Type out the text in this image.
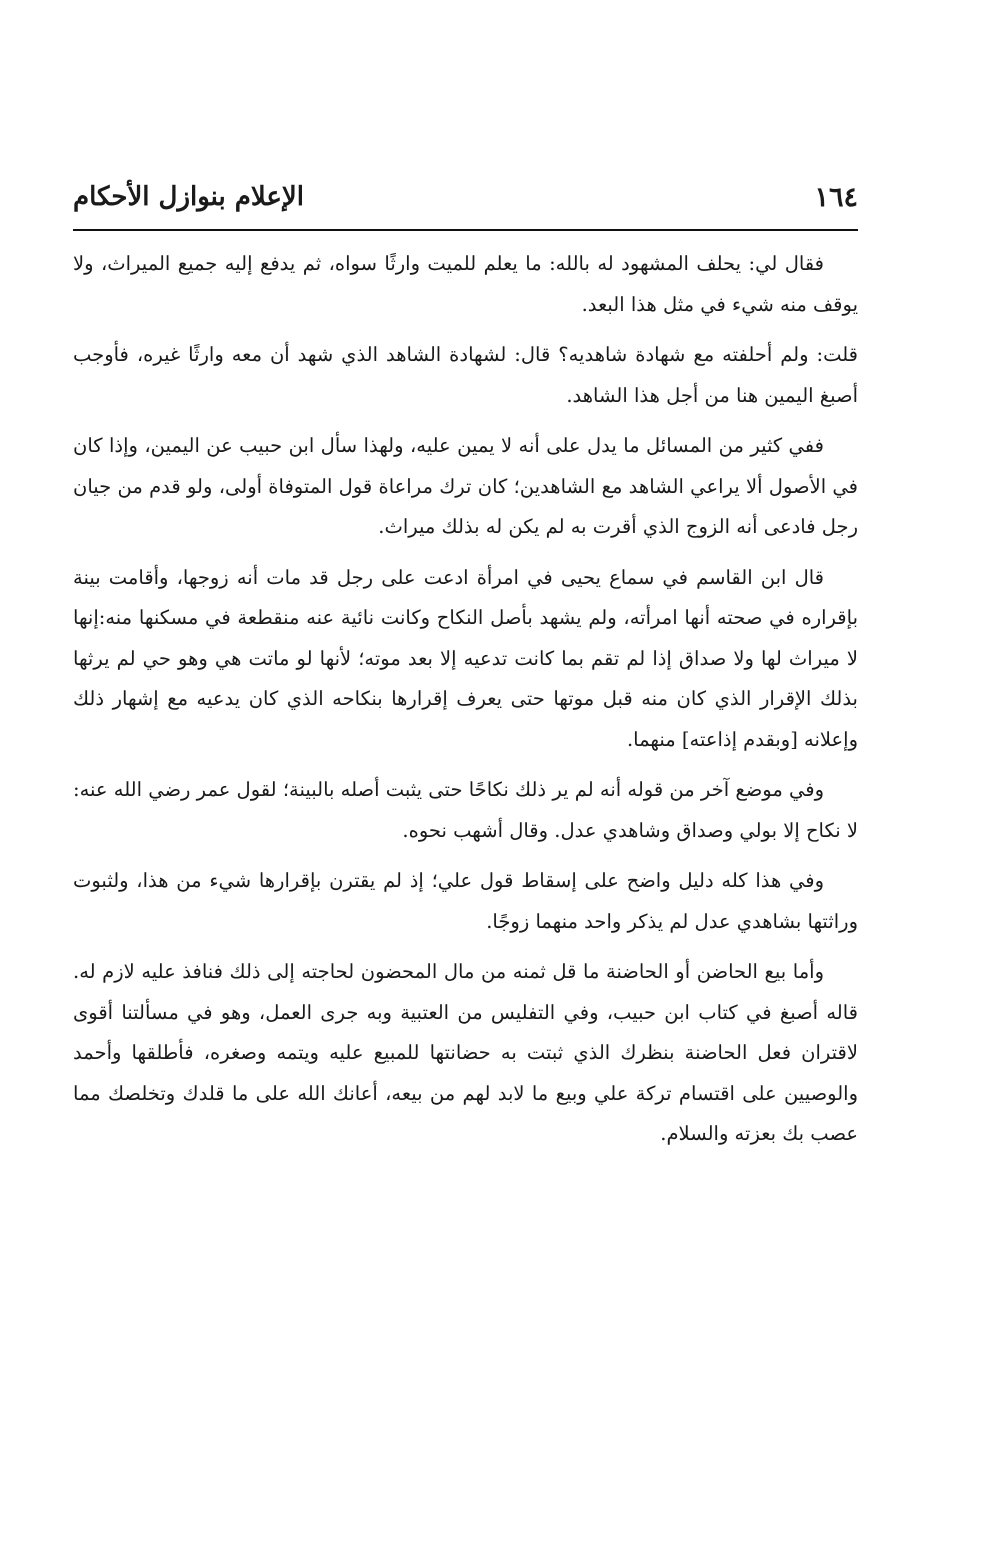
١٦٤
الإعلام بنوازل الأحكام

فقال لي: يحلف المشهود له بالله: ما يعلم للميت وارثًا سواه، ثم يدفع إليه جميع الميراث، ولا يوقف منه شيء في مثل هذا البعد.

قلت: ولم أحلفته مع شهادة شاهديه؟ قال: لشهادة الشاهد الذي شهد أن معه وارثًا غيره، فأوجب أصبغ اليمين هنا من أجل هذا الشاهد.

ففي كثير من المسائل ما يدل على أنه لا يمين عليه، ولهذا سأل ابن حبيب عن اليمين، وإذا كان في الأصول ألا يراعي الشاهد مع الشاهدين؛ كان ترك مراعاة قول المتوفاة أولى، ولو قدم من جيان رجل فادعى أنه الزوج الذي أقرت به لم يكن له بذلك ميراث.

قال ابن القاسم في سماع يحيى في امرأة ادعت على رجل قد مات أنه زوجها، وأقامت بينة بإقراره في صحته أنها امرأته، ولم يشهد بأصل النكاح وكانت نائية عنه منقطعة في مسكنها منه:إنها لا ميراث لها ولا صداق إذا لم تقم بما كانت تدعيه إلا بعد موته؛ لأنها لو ماتت هي وهو حي لم يرثها بذلك الإقرار الذي كان منه قبل موتها حتى يعرف إقرارها بنكاحه الذي كان يدعيه مع إشهار ذلك وإعلانه [وبقدم إذاعته] منهما.

وفي موضع آخر من قوله أنه لم ير ذلك نكاحًا حتى يثبت أصله بالبينة؛ لقول عمر رضي الله عنه: لا نكاح إلا بولي وصداق وشاهدي عدل. وقال أشهب نحوه.

وفي هذا كله دليل واضح على إسقاط قول علي؛ إذ لم يقترن بإقرارها شيء من هذا، ولثبوت وراثتها بشاهدي عدل لم يذكر واحد منهما زوجًا.

وأما بيع الحاضن أو الحاضنة ما قل ثمنه من مال المحضون لحاجته إلى ذلك فنافذ عليه لازم له. قاله أصبغ في كتاب ابن حبيب، وفي التفليس من العتبية وبه جرى العمل، وهو في مسألتنا أقوى لاقتران فعل الحاضنة بنظرك الذي ثبتت به حضانتها للمبيع عليه ويتمه وصغره، فأطلقها وأحمد والوصيين على اقتسام تركة علي وبيع ما لابد لهم من بيعه، أعانك الله على ما قلدك وتخلصك مما عصب بك بعزته والسلام.
